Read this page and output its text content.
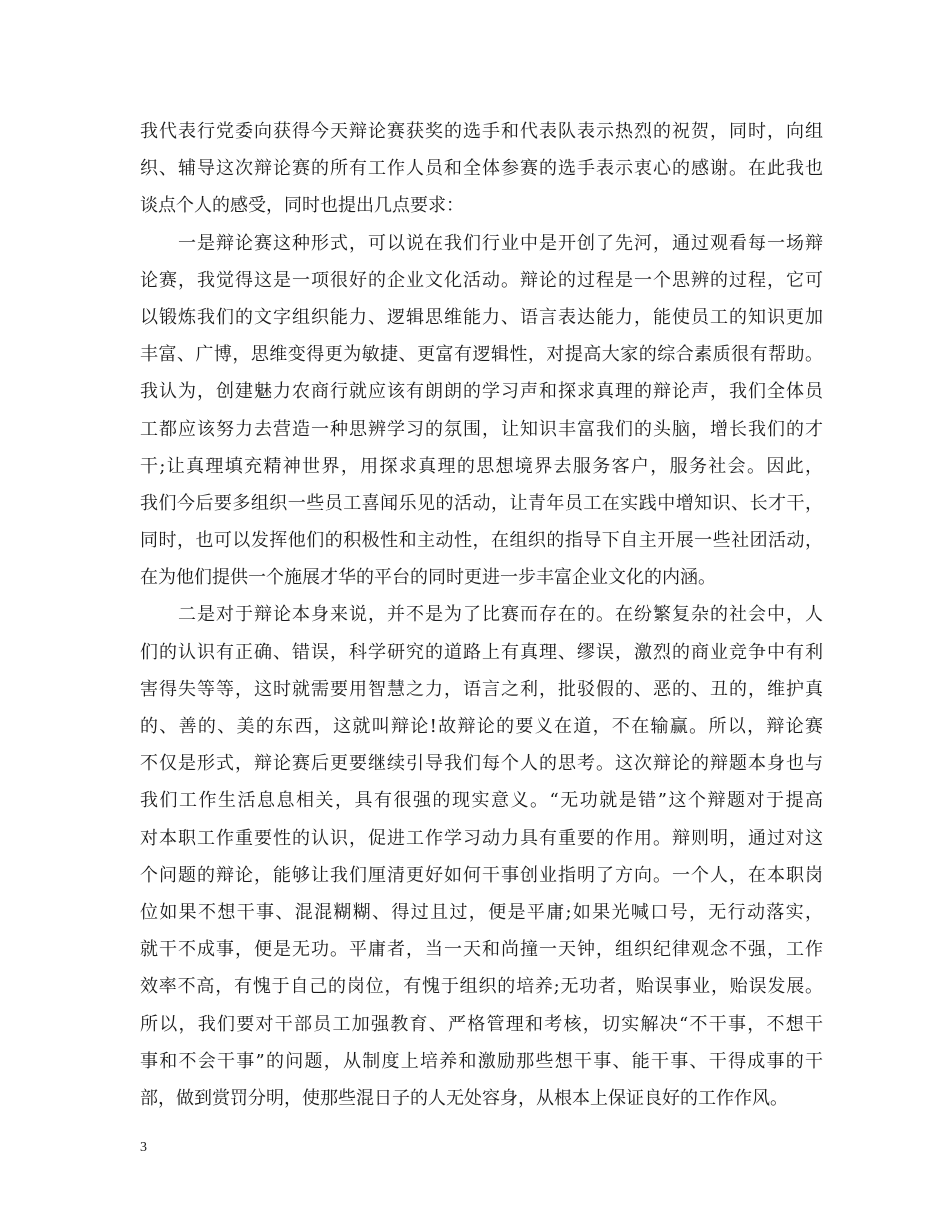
我代表行党委向获得今天辩论赛获奖的选手和代表队表示热烈的祝贺，同时，向组
织、辅导这次辩论赛的所有工作人员和全体参赛的选手表示衷心的感谢。在此我也
谈点个人的感受，同时也提出几点要求：
　　一是辩论赛这种形式，可以说在我们行业中是开创了先河，通过观看每一场辩
论赛，我觉得这是一项很好的企业文化活动。辩论的过程是一个思辨的过程，它可
以锻炼我们的文字组织能力、逻辑思维能力、语言表达能力，能使员工的知识更加
丰富、广博，思维变得更为敏捷、更富有逻辑性，对提高大家的综合素质很有帮助。
我认为，创建魅力农商行就应该有朗朗的学习声和探求真理的辩论声，我们全体员
工都应该努力去营造一种思辨学习的氛围，让知识丰富我们的头脑，增长我们的才
干;让真理填充精神世界，用探求真理的思想境界去服务客户，服务社会。因此，
我们今后要多组织一些员工喜闻乐见的活动，让青年员工在实践中增知识、长才干，
同时，也可以发挥他们的积极性和主动性，在组织的指导下自主开展一些社团活动，
在为他们提供一个施展才华的平台的同时更进一步丰富企业文化的内涵。
　　二是对于辩论本身来说，并不是为了比赛而存在的。在纷繁复杂的社会中，人
们的认识有正确、错误，科学研究的道路上有真理、缪误，激烈的商业竞争中有利
害得失等等，这时就需要用智慧之力，语言之利，批驳假的、恶的、丑的，维护真
的、善的、美的东西，这就叫辩论!故辩论的要义在道，不在输赢。所以，辩论赛
不仅是形式，辩论赛后更要继续引导我们每个人的思考。这次辩论的辩题本身也与
我们工作生活息息相关，具有很强的现实意义。“无功就是错”这个辩题对于提高
对本职工作重要性的认识，促进工作学习动力具有重要的作用。辩则明，通过对这
个问题的辩论，能够让我们厘清更好如何干事创业指明了方向。一个人，在本职岗
位如果不想干事、混混糊糊、得过且过，便是平庸;如果光喊口号，无行动落实，
就干不成事，便是无功。平庸者，当一天和尚撞一天钟，组织纪律观念不强，工作
效率不高，有愧于自己的岗位，有愧于组织的培养;无功者，贻误事业，贻误发展。
所以，我们要对干部员工加强教育、严格管理和考核，切实解决“不干事，不想干
事和不会干事”的问题，从制度上培养和激励那些想干事、能干事、干得成事的干
部，做到赏罚分明，使那些混日子的人无处容身，从根本上保证良好的工作作风。
3
